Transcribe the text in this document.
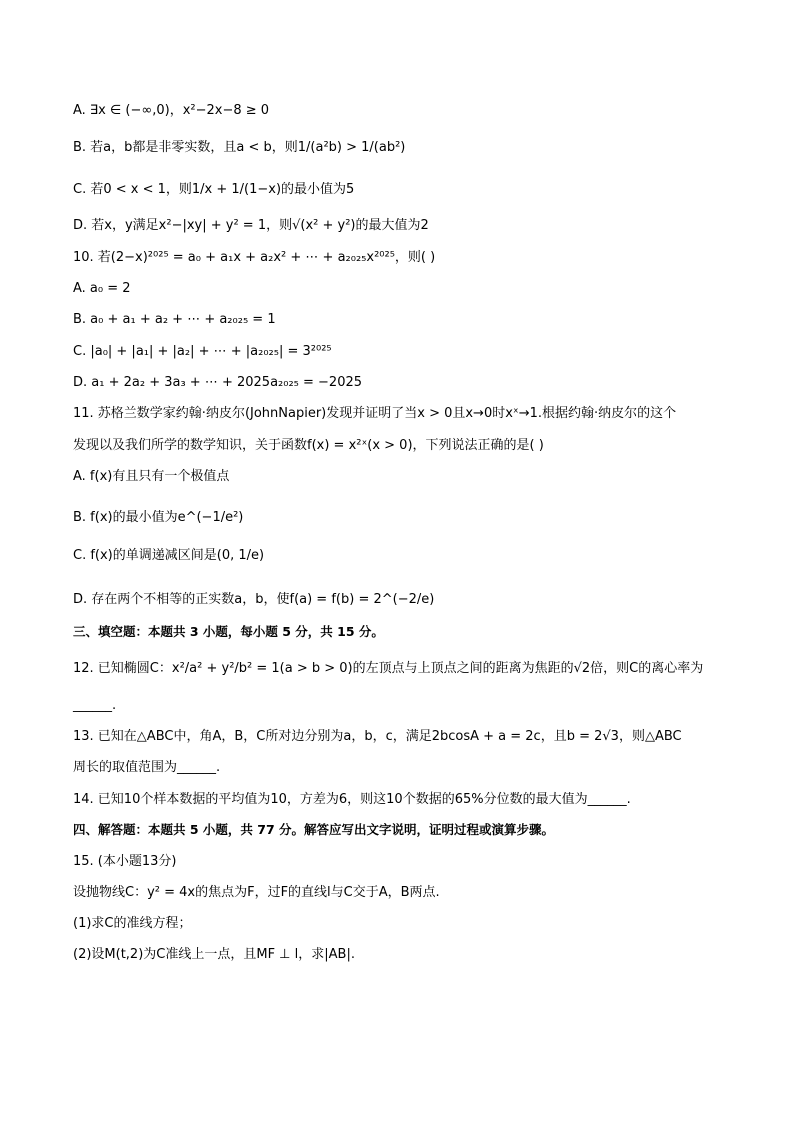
A. ∃x ∈ (−∞,0)，x²−2x−8 ≥ 0
B. 若a，b都是非零实数，且a < b，则1/(a²b) > 1/(ab²)
C. 若0 < x < 1，则1/x + 1/(1−x)的最小值为5
D. 若x，y满足x²−|xy| + y² = 1，则√(x² + y²)的最大值为2
10. 若(2−x)²⁰²⁵ = a₀ + a₁x + a₂x² + ⋯ + a₂₀₂₅x²⁰²⁵，则( )
A. a₀ = 2
B. a₀ + a₁ + a₂ + ⋯ + a₂₀₂₅ = 1
C. |a₀| + |a₁| + |a₂| + ⋯ + |a₂₀₂₅| = 3²⁰²⁵
D. a₁ + 2a₂ + 3a₃ + ⋯ + 2025a₂₀₂₅ = −2025
11. 苏格兰数学家约翰·纳皮尔(JohnNapier)发现并证明了当x > 0且x→0时xˣ→1.根据约翰·纳皮尔的这个
发现以及我们所学的数学知识，关于函数f(x) = x²ˣ(x > 0)，下列说法正确的是( )
A. f(x)有且只有一个极值点
B. f(x)的最小值为e^(−1/e²)
C. f(x)的单调递减区间是(0, 1/e)
D. 存在两个不相等的正实数a，b，使f(a) = f(b) = 2^(−2/e)
三、填空题：本题共 3 小题，每小题 5 分，共 15 分。
12. 已知椭圆C：x²/a² + y²/b² = 1(a > b > 0)的左顶点与上顶点之间的距离为焦距的√2倍，则C的离心率为
______.
13. 已知在△ABC中，角A，B，C所对边分别为a，b，c，满足2bcosA + a = 2c，且b = 2√3，则△ABC
周长的取值范围为______.
14. 已知10个样本数据的平均值为10，方差为6，则这10个数据的65%分位数的最大值为______.
四、解答题：本题共 5 小题，共 77 分。解答应写出文字说明，证明过程或演算步骤。
15. (本小题13分)
设抛物线C：y² = 4x的焦点为F，过F的直线l与C交于A，B两点.
(1)求C的准线方程；
(2)设M(t,2)为C准线上一点，且MF ⊥ l，求|AB|.
